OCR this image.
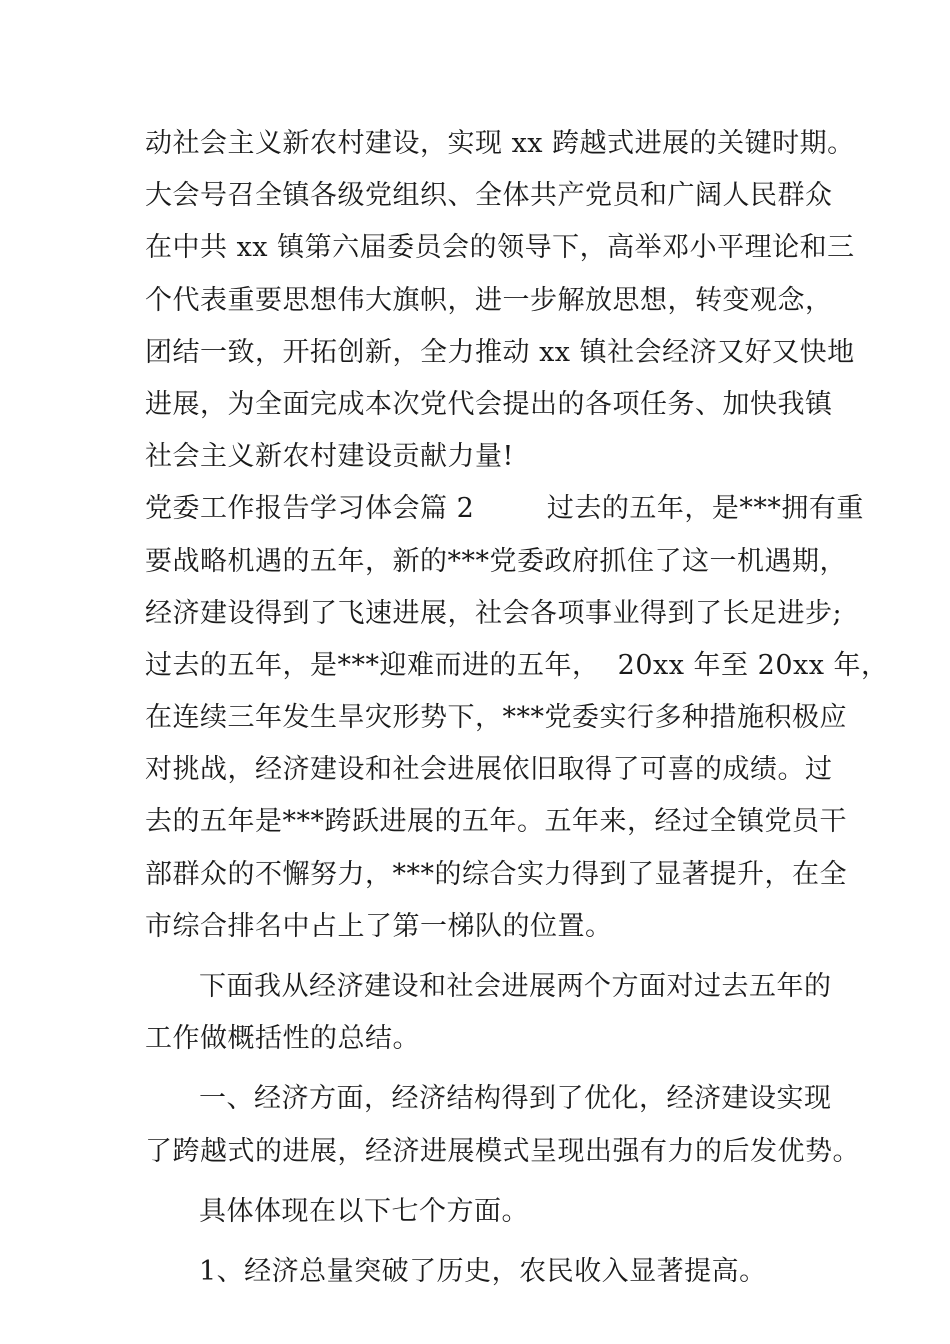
动社会主义新农村建设，实现 xx 跨越式进展的关键时期。
大会号召全镇各级党组织、全体共产党员和广阔人民群众
在中共 xx 镇第六届委员会的领导下，高举邓小平理论和三
个代表重要思想伟大旗帜，进一步解放思想，转变观念，
团结一致，开拓创新，全力推动 xx 镇社会经济又好又快地
进展，为全面完成本次党代会提出的各项任务、加快我镇
社会主义新农村建设贡献力量!
党委工作报告学习体会篇 2        过去的五年，是***拥有重
要战略机遇的五年，新的***党委政府抓住了这一机遇期，
经济建设得到了飞速进展，社会各项事业得到了长足进步;
过去的五年，是***迎难而进的五年，  20xx 年至 20xx 年，
在连续三年发生旱灾形势下，***党委实行多种措施积极应
对挑战，经济建设和社会进展依旧取得了可喜的成绩。过
去的五年是***跨跃进展的五年。五年来，经过全镇党员干
部群众的不懈努力，***的综合实力得到了显著提升，在全
市综合排名中占上了第一梯队的位置。
下面我从经济建设和社会进展两个方面对过去五年的
工作做概括性的总结。
一、经济方面，经济结构得到了优化，经济建设实现
了跨越式的进展，经济进展模式呈现出强有力的后发优势。
具体体现在以下七个方面。
1、经济总量突破了历史，农民收入显著提高。
